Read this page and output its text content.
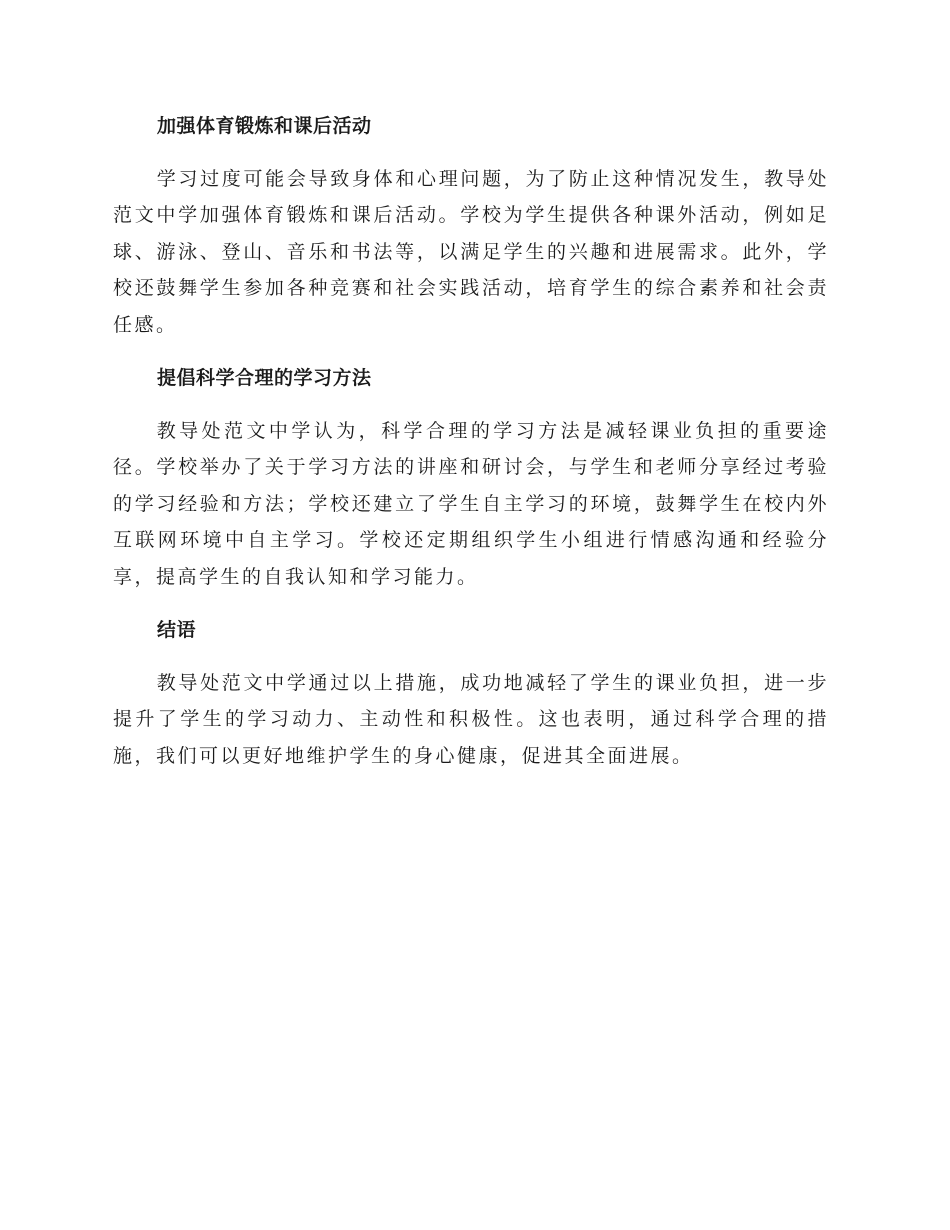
加强体育锻炼和课后活动

学习过度可能会导致身体和心理问题，为了防止这种情况发生，教导处范文中学加强体育锻炼和课后活动。学校为学生提供各种课外活动，例如足球、游泳、登山、音乐和书法等，以满足学生的兴趣和进展需求。此外，学校还鼓舞学生参加各种竞赛和社会实践活动，培育学生的综合素养和社会责任感。

提倡科学合理的学习方法

教导处范文中学认为，科学合理的学习方法是减轻课业负担的重要途径。学校举办了关于学习方法的讲座和研讨会，与学生和老师分享经过考验的学习经验和方法；学校还建立了学生自主学习的环境，鼓舞学生在校内外互联网环境中自主学习。学校还定期组织学生小组进行情感沟通和经验分享，提高学生的自我认知和学习能力。

结语

教导处范文中学通过以上措施，成功地减轻了学生的课业负担，进一步提升了学生的学习动力、主动性和积极性。这也表明，通过科学合理的措施，我们可以更好地维护学生的身心健康，促进其全面进展。
